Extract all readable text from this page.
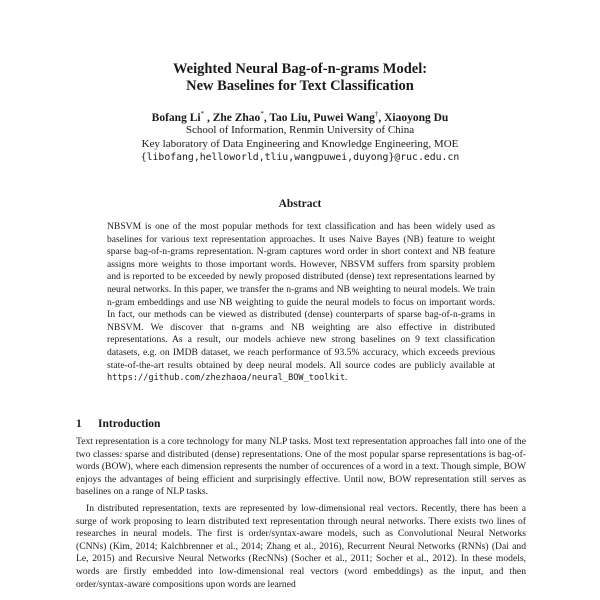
Weighted Neural Bag-of-n-grams Model:
New Baselines for Text Classification
Bofang Li* , Zhe Zhao*, Tao Liu, Puwei Wang†, Xiaoyong Du
School of Information, Renmin University of China
Key laboratory of Data Engineering and Knowledge Engineering, MOE
{libofang,helloworld,tliu,wangpuwei,duyong}@ruc.edu.cn
Abstract
NBSVM is one of the most popular methods for text classification and has been widely used as baselines for various text representation approaches. It uses Naive Bayes (NB) feature to weight sparse bag-of-n-grams representation. N-gram captures word order in short context and NB feature assigns more weights to those important words. However, NBSVM suffers from sparsity problem and is reported to be exceeded by newly proposed distributed (dense) text representations learned by neural networks. In this paper, we transfer the n-grams and NB weighting to neural models. We train n-gram embeddings and use NB weighting to guide the neural models to focus on important words. In fact, our methods can be viewed as distributed (dense) counterparts of sparse bag-of-n-grams in NBSVM. We discover that n-grams and NB weighting are also effective in distributed representations. As a result, our models achieve new strong baselines on 9 text classification datasets, e.g. on IMDB dataset, we reach performance of 93.5% accuracy, which exceeds previous state-of-the-art results obtained by deep neural models. All source codes are publicly available at https://github.com/zhezhaoa/neural_BOW_toolkit.
1 Introduction
Text representation is a core technology for many NLP tasks. Most text representation approaches fall into one of the two classes: sparse and distributed (dense) representations. One of the most popular sparse representations is bag-of-words (BOW), where each dimension represents the number of occurences of a word in a text. Though simple, BOW enjoys the advantages of being efficient and surprisingly effective. Until now, BOW representation still serves as baselines on a range of NLP tasks.
In distributed representation, texts are represented by low-dimensional real vectors. Recently, there has been a surge of work proposing to learn distributed text representation through neural networks. There exists two lines of researches in neural models. The first is order/syntax-aware models, such as Convolutional Neural Networks (CNNs) (Kim, 2014; Kalchbrenner et al., 2014; Zhang et al., 2016), Recurrent Neural Networks (RNNs) (Dai and Le, 2015) and Recursive Neural Networks (RecNNs) (Socher et al., 2011; Socher et al., 2012). In these models, words are firstly embedded into low-dimensional real vectors (word embeddings) as the input, and then order/syntax-aware compositions upon words are learned
